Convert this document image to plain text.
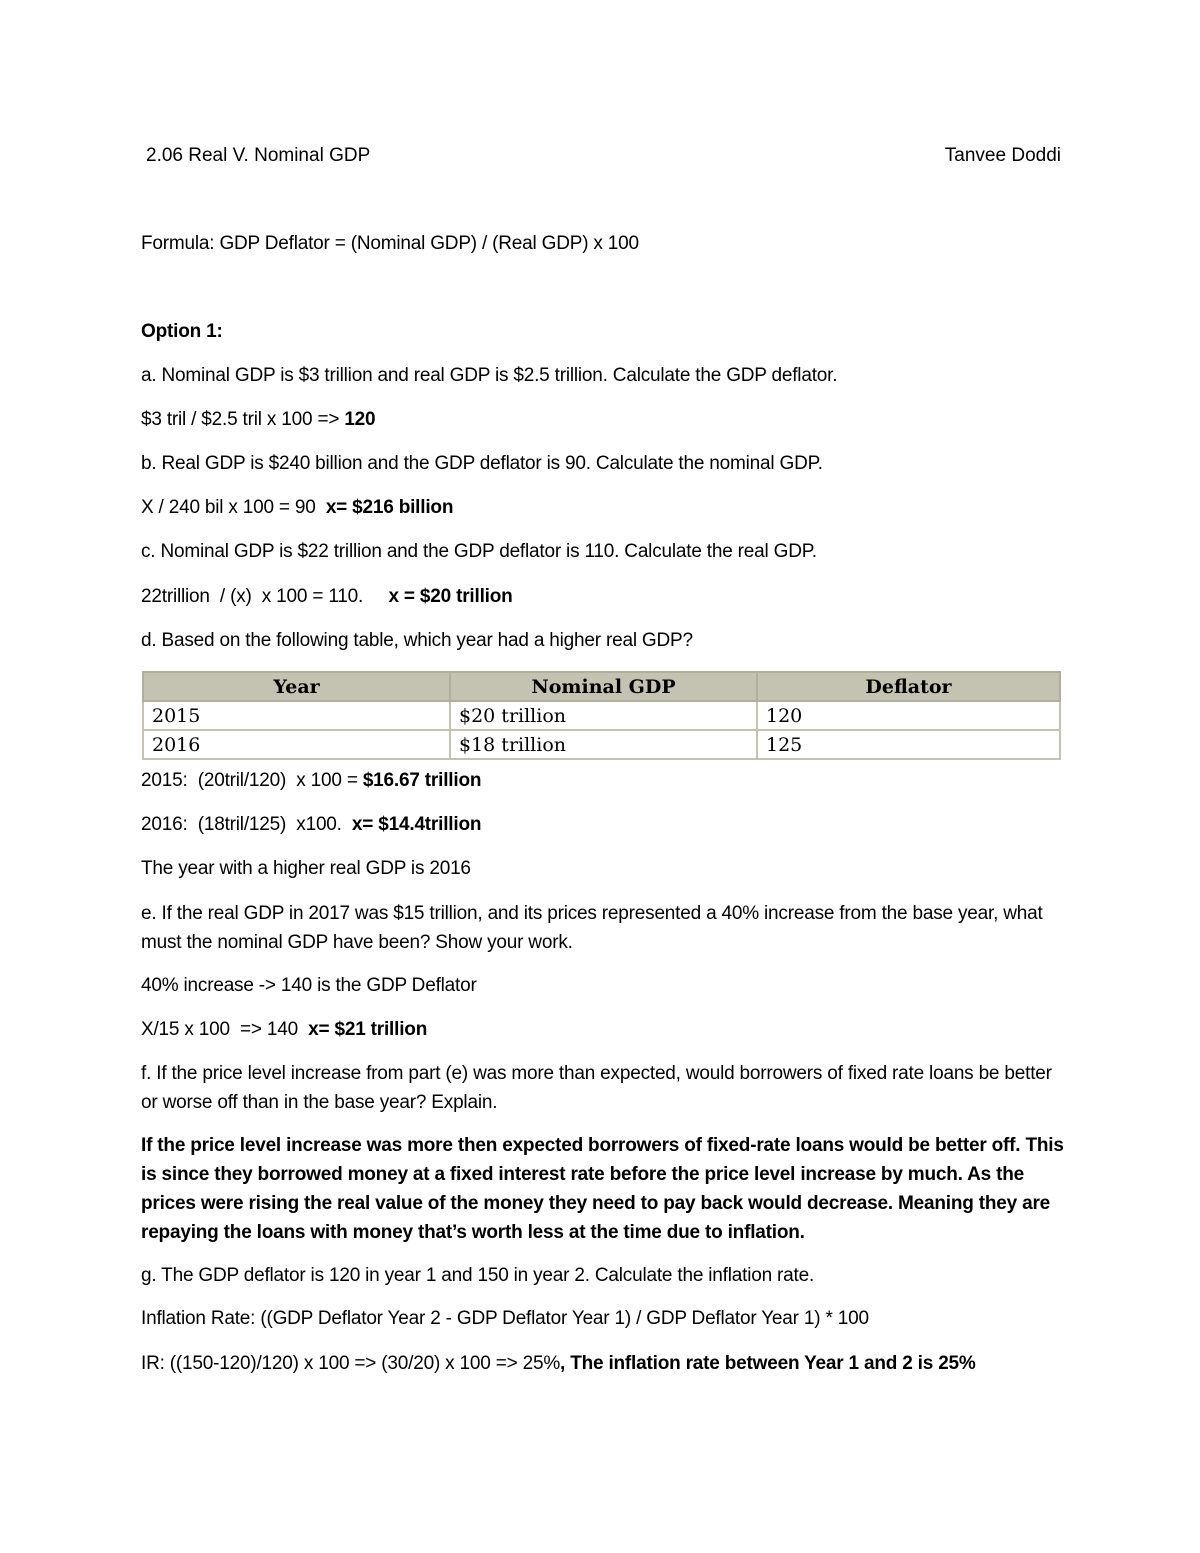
2.06 Real V. Nominal GDP	Tanvee Doddi
Formula: GDP Deflator = (Nominal GDP) / (Real GDP) x 100
Option 1:
a. Nominal GDP is $3 trillion and real GDP is $2.5 trillion. Calculate the GDP deflator.
$3 tril / $2.5 tril x 100 => 120
b. Real GDP is $240 billion and the GDP deflator is 90. Calculate the nominal GDP.
X / 240 bil x 100 = 90  x= $216 billion
c. Nominal GDP is $22 trillion and the GDP deflator is 110. Calculate the real GDP.
22trillion  / (x)  x 100 = 110.     x = $20 trillion
d. Based on the following table, which year had a higher real GDP?
Year	Nominal GDP	Deflator
2015	$20 trillion	120
2016	$18 trillion	125
2015:  (20tril/120)  x 100 = $16.67 trillion
2016:  (18tril/125)  x100.  x= $14.4trillion
The year with a higher real GDP is 2016
e. If the real GDP in 2017 was $15 trillion, and its prices represented a 40% increase from the base year, what must the nominal GDP have been? Show your work.
40% increase -> 140 is the GDP Deflator
X/15 x 100  => 140  x= $21 trillion
f. If the price level increase from part (e) was more than expected, would borrowers of fixed rate loans be better or worse off than in the base year? Explain.
If the price level increase was more then expected borrowers of fixed-rate loans would be better off. This is since they borrowed money at a fixed interest rate before the price level increase by much. As the prices were rising the real value of the money they need to pay back would decrease. Meaning they are repaying the loans with money that’s worth less at the time due to inflation.
g. The GDP deflator is 120 in year 1 and 150 in year 2. Calculate the inflation rate.
Inflation Rate: ((GDP Deflator Year 2 - GDP Deflator Year 1) / GDP Deflator Year 1) * 100
IR: ((150-120)/120) x 100 => (30/20) x 100 => 25%, The inflation rate between Year 1 and 2 is 25%
